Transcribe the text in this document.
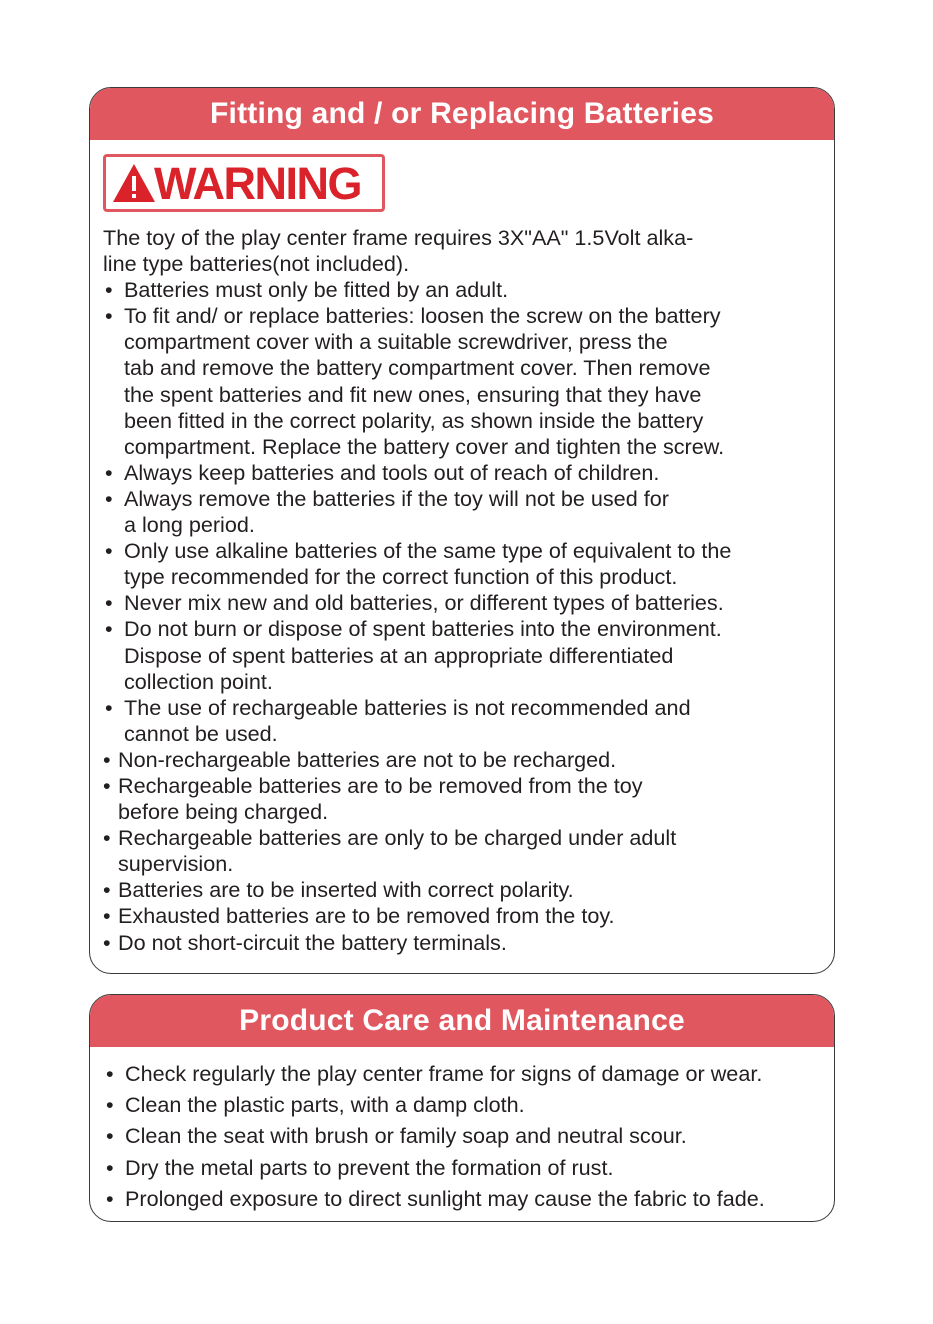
Fitting and / or Replacing Batteries
WARNING

The toy of the play center frame requires 3X"AA" 1.5Volt alka-
line type batteries(not included).

• Batteries must only be fitted by an adult.
• To fit and/ or replace batteries: loosen the screw on the battery
compartment cover with a suitable screwdriver, press the
tab and remove the battery compartment cover. Then remove
the spent batteries and fit new ones, ensuring that they have
been fitted in the correct polarity, as shown inside the battery
compartment. Replace the battery cover and tighten the screw.
• Always keep batteries and tools out of reach of children.
• Always remove the batteries if the toy will not be used for
a long period.
• Only use alkaline batteries of the same type of equivalent to the
type recommended for the correct function of this product.
• Never mix new and old batteries, or different types of batteries.
• Do not burn or dispose of spent batteries into the environment.
Dispose of spent batteries at an appropriate differentiated
collection point.
• The use of rechargeable batteries is not recommended and
cannot be used.
• Non-rechargeable batteries are not to be recharged.
• Rechargeable batteries are to be removed from the toy
before being charged.
• Rechargeable batteries are only to be charged under adult
supervision.
• Batteries are to be inserted with correct polarity.
• Exhausted batteries are to be removed from the toy.
• Do not short-circuit the battery terminals.
Product Care and Maintenance
• Check regularly the play center frame for signs of damage or wear.
• Clean the plastic parts, with a damp cloth.
• Clean the seat with brush or family soap and neutral scour.
• Dry the metal parts to prevent the formation of rust.
• Prolonged exposure to direct sunlight may cause the fabric to fade.
